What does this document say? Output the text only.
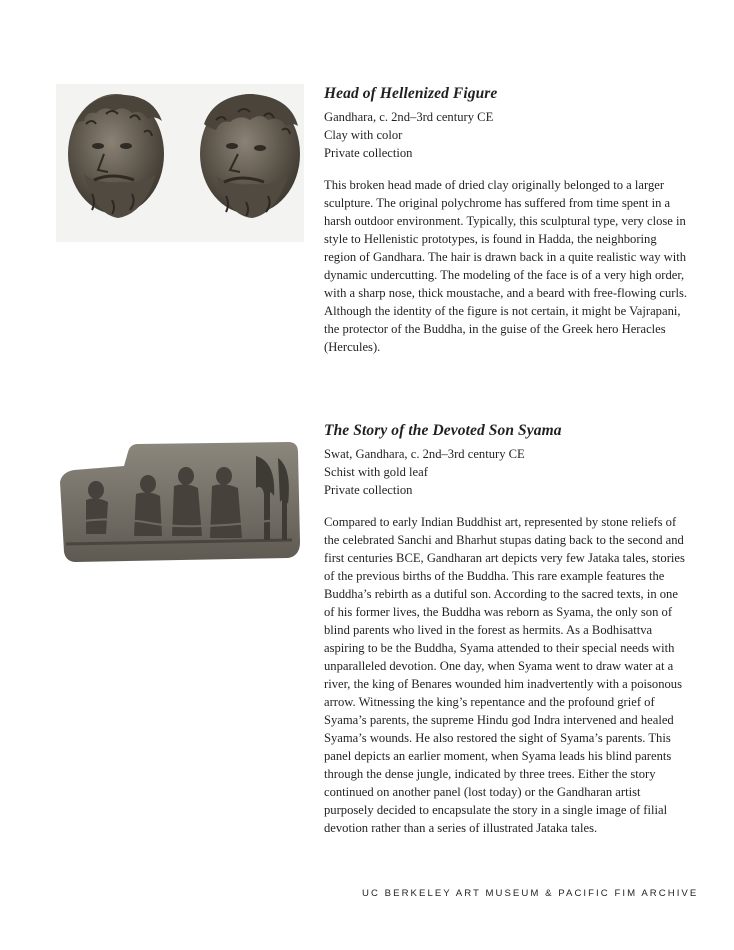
Head of Hellenized Figure

Gandhara, c. 2nd–3rd century CE

Clay with color

Private collection

This broken head made of dried clay originally belonged to a larger sculpture. The original polychrome has suffered from time spent in a harsh outdoor environment. Typically, this sculptural type, very close in style to Hellenistic prototypes, is found in Hadda, the neighboring region of Gandhara. The hair is drawn back in a quite realistic way with dynamic undercutting. The modeling of the face is of a very high order, with a sharp nose, thick moustache, and a beard with free-flowing curls. Although the identity of the figure is not certain, it might be Vajrapani, the protector of the Buddha, in the guise of the Greek hero Heracles (Hercules).

The Story of the Devoted Son Syama

Swat, Gandhara, c. 2nd–3rd century CE

Schist with gold leaf

Private collection

Compared to early Indian Buddhist art, represented by stone reliefs of the celebrated Sanchi and Bharhut stupas dating back to the second and first centuries BCE, Gandharan art depicts very few Jataka tales, stories of the previous births of the Buddha. This rare example features the Buddha’s rebirth as a dutiful son. According to the sacred texts, in one of his former lives, the Buddha was reborn as Syama, the only son of blind parents who lived in the forest as hermits. As a Bodhisattva aspiring to be the Buddha, Syama attended to their special needs with unparalleled devotion. One day, when Syama went to draw water at a river, the king of Benares wounded him inadvertently with a poisonous arrow. Witnessing the king’s repentance and the profound grief of Syama’s parents, the supreme Hindu god Indra intervened and healed Syama’s wounds. He also restored the sight of Syama’s parents. This panel depicts an earlier moment, when Syama leads his blind parents through the dense jungle, indicated by three trees. Either the story continued on another panel (lost today) or the Gandharan artist purposely decided to encapsulate the story in a single image of filial devotion rather than a series of illustrated Jataka tales.

UC BERKELEY ART MUSEUM & PACIFIC FIM ARCHIVE
